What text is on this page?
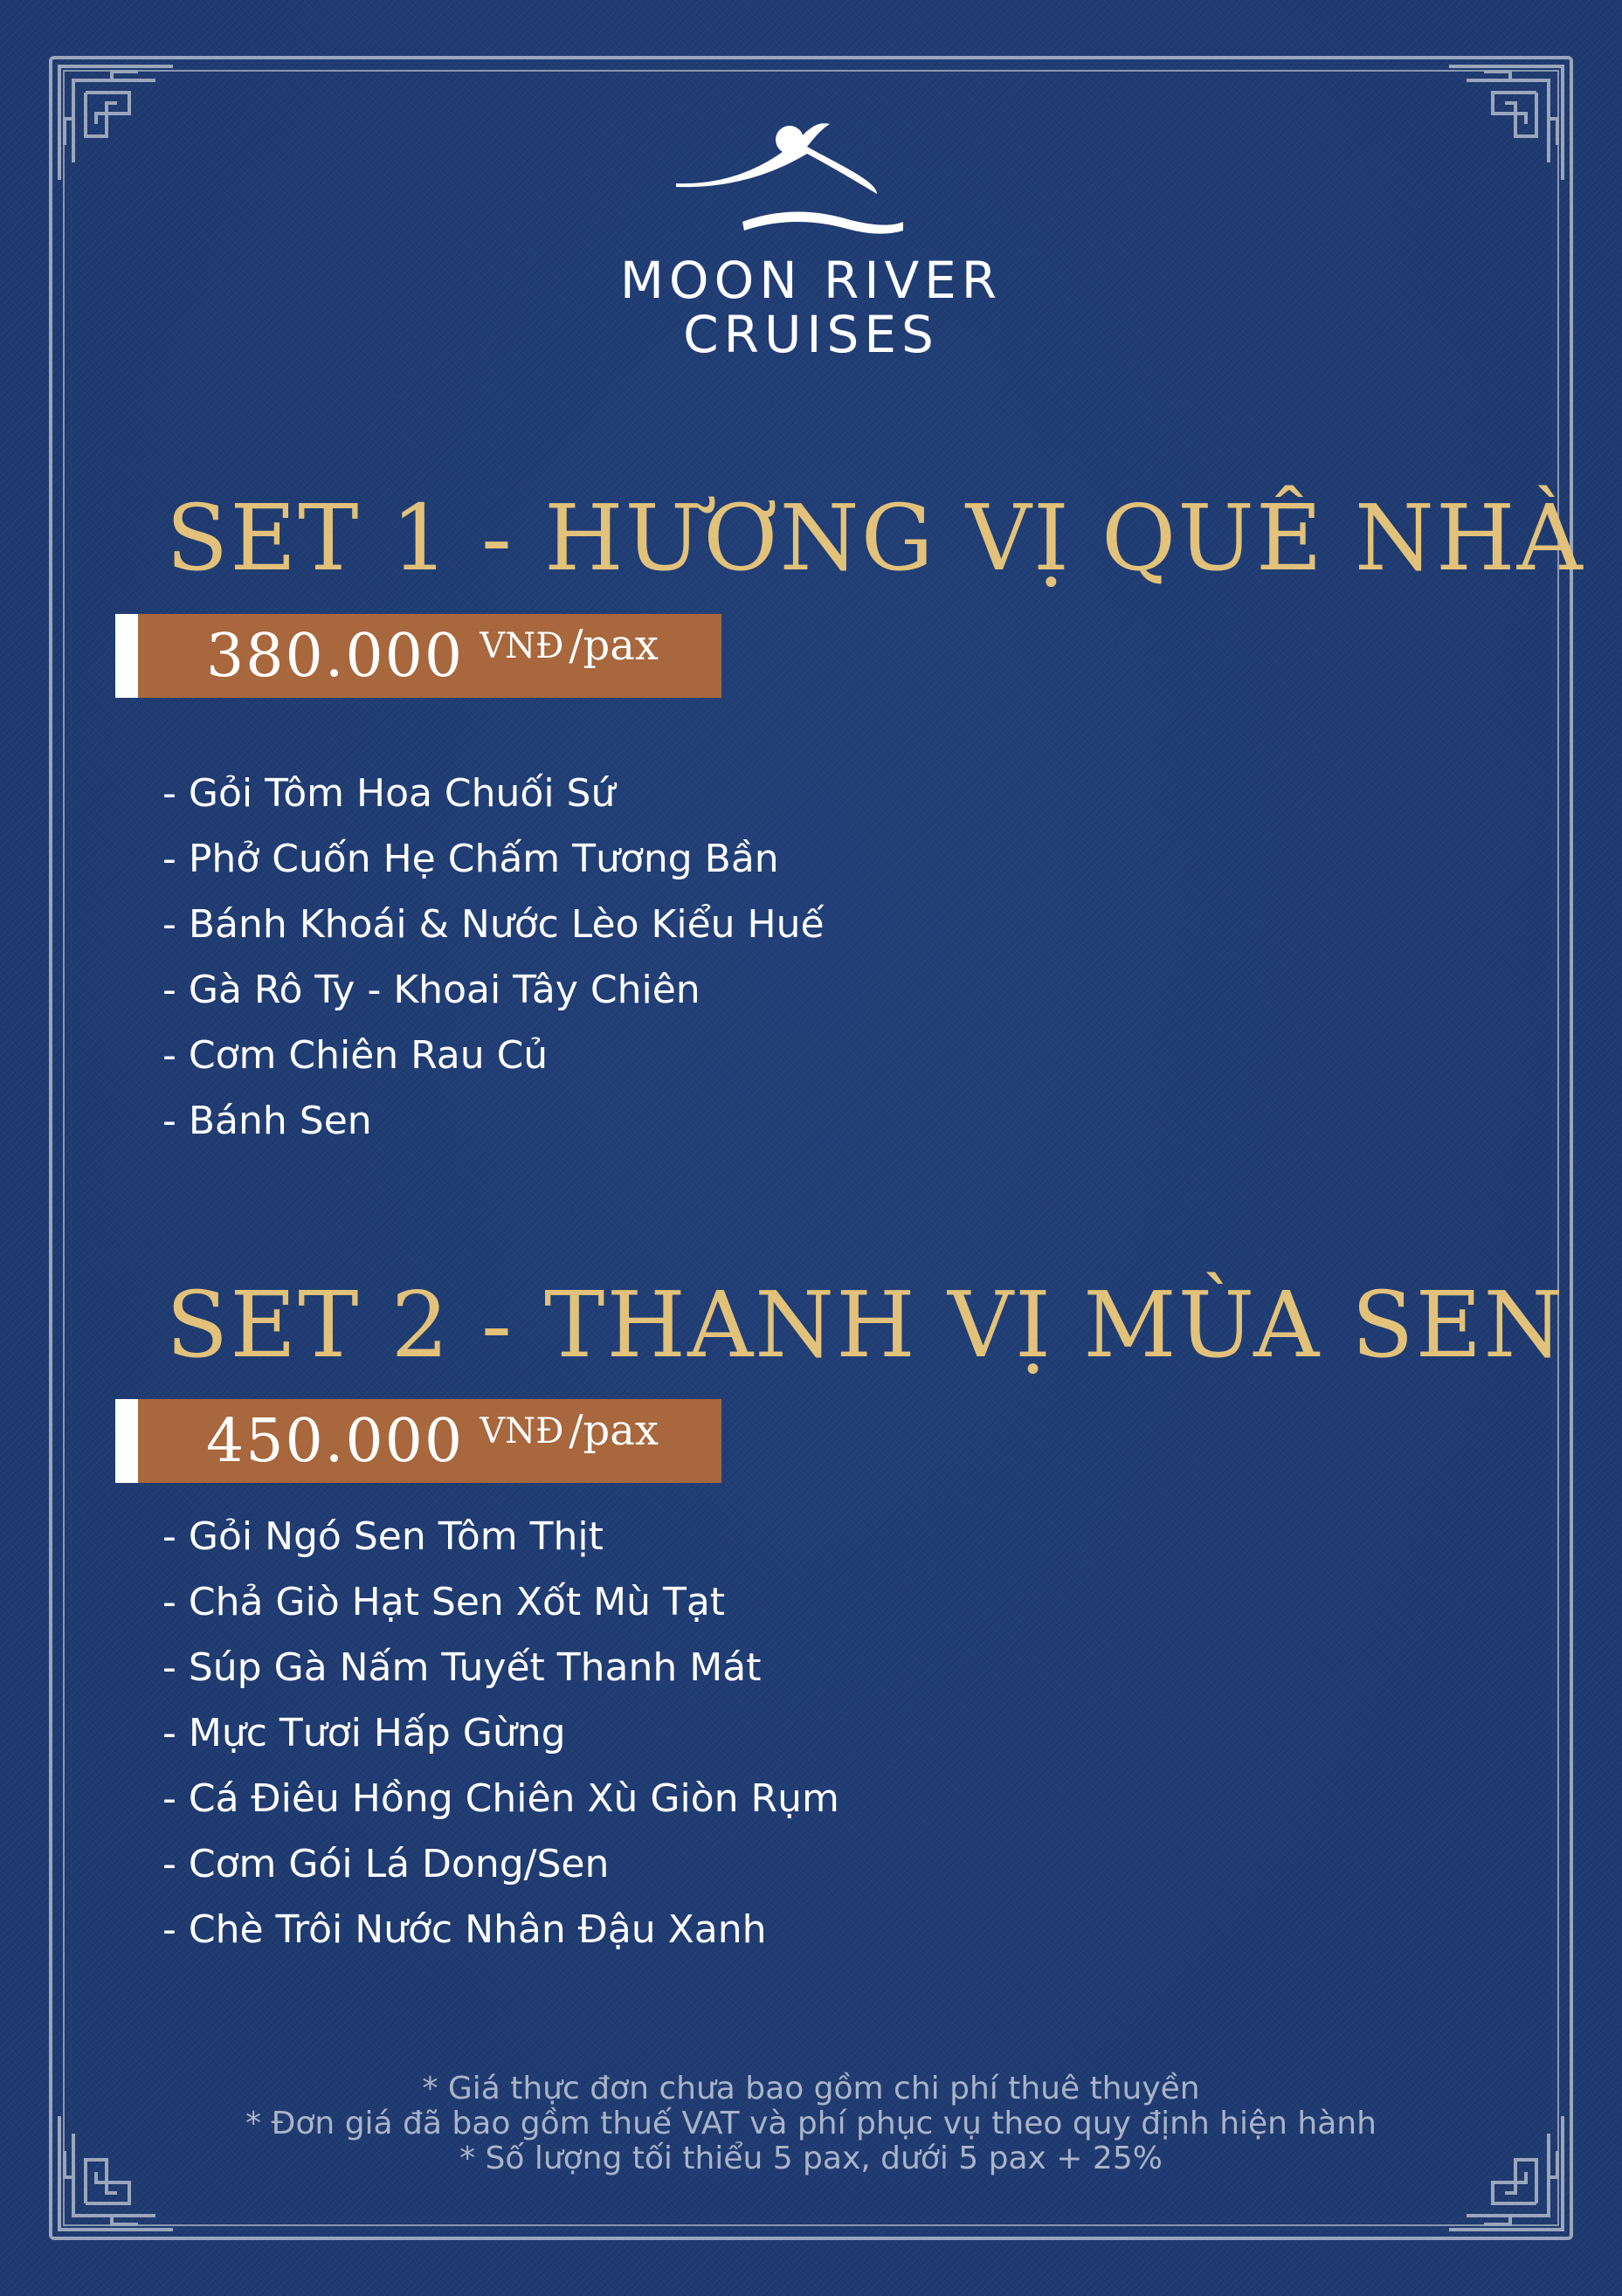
MOON RIVER
CRUISES
SET 1 - HƯƠNG VỊ QUÊ NHÀ
380.000 VNĐ /pax
- Gỏi Tôm Hoa Chuối Sứ
- Phở Cuốn Hẹ Chấm Tương Bần
- Bánh Khoái & Nước Lèo Kiểu Huế
- Gà Rô Ty - Khoai Tây Chiên
- Cơm Chiên Rau Củ
- Bánh Sen
SET 2 - THANH VỊ MÙA SEN
450.000 VNĐ /pax
- Gỏi Ngó Sen Tôm Thịt
- Chả Giò Hạt Sen Xốt Mù Tạt
- Súp Gà Nấm Tuyết Thanh Mát
- Mực Tươi Hấp Gừng
- Cá Điêu Hồng Chiên Xù Giòn Rụm
- Cơm Gói Lá Dong/Sen
- Chè Trôi Nước Nhân Đậu Xanh
* Giá thực đơn chưa bao gồm chi phí thuê thuyền
* Đơn giá đã bao gồm thuế VAT và phí phục vụ theo quy định hiện hành
* Số lượng tối thiểu 5 pax, dưới 5 pax + 25%
